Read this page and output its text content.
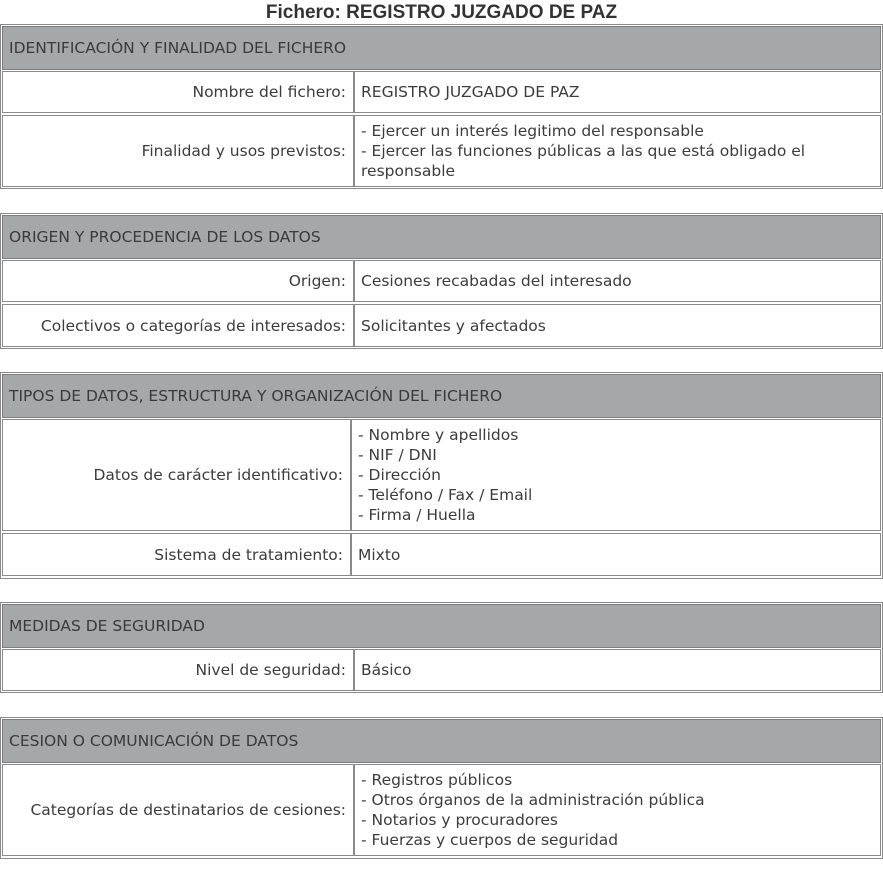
Fichero: REGISTRO JUZGADO DE PAZ
IDENTIFICACIÓN Y FINALIDAD DEL FICHERO
Nombre del fichero: REGISTRO JUZGADO DE PAZ
Finalidad y usos previstos:
- Ejercer un interés legitimo del responsable
- Ejercer las funciones públicas a las que está obligado el responsable
ORIGEN Y PROCEDENCIA DE LOS DATOS
Origen: Cesiones recabadas del interesado
Colectivos o categorías de interesados: Solicitantes y afectados
TIPOS DE DATOS, ESTRUCTURA Y ORGANIZACIÓN DEL FICHERO
Datos de carácter identificativo:
- Nombre y apellidos
- NIF / DNI
- Dirección
- Teléfono / Fax / Email
- Firma / Huella
Sistema de tratamiento: Mixto
MEDIDAS DE SEGURIDAD
Nivel de seguridad: Básico
CESION O COMUNICACIÓN DE DATOS
Categorías de destinatarios de cesiones:
- Registros públicos
- Otros órganos de la administración pública
- Notarios y procuradores
- Fuerzas y cuerpos de seguridad
